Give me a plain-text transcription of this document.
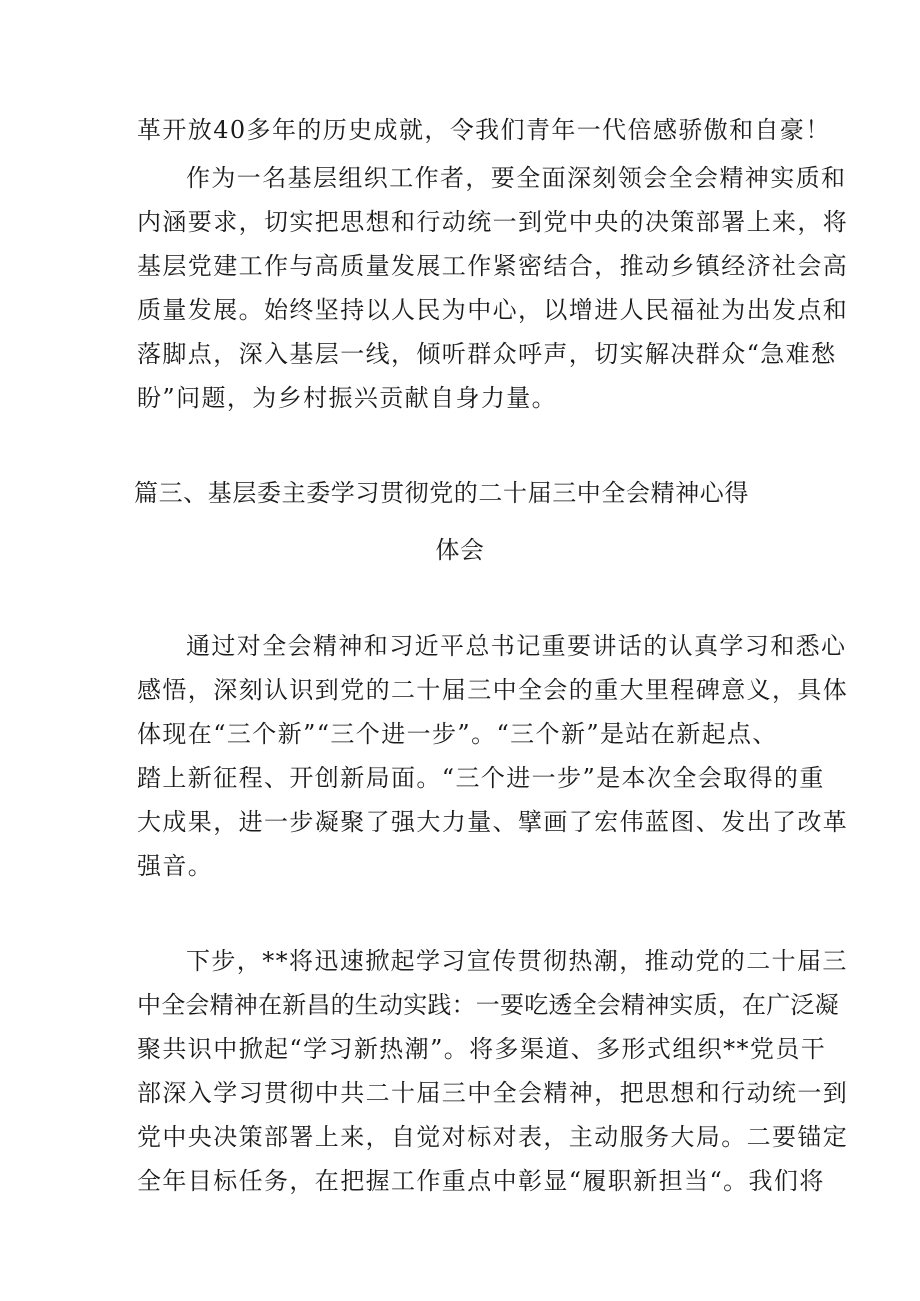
革开放40多年的历史成就，令我们青年一代倍感骄傲和自豪！
作为一名基层组织工作者，要全面深刻领会全会精神实质和
内涵要求，切实把思想和行动统一到党中央的决策部署上来，将
基层党建工作与高质量发展工作紧密结合，推动乡镇经济社会高
质量发展。始终坚持以人民为中心，以增进人民福祉为出发点和
落脚点，深入基层一线，倾听群众呼声，切实解决群众“急难愁
盼”问题，为乡村振兴贡献自身力量。
篇三、基层委主委学习贯彻党的二十届三中全会精神心得
体会
通过对全会精神和习近平总书记重要讲话的认真学习和悉心
感悟，深刻认识到党的二十届三中全会的重大里程碑意义，具体
体现在“三个新”“三个进一步”。“三个新”是站在新起点、
踏上新征程、开创新局面。“三个进一步”是本次全会取得的重
大成果，进一步凝聚了强大力量、擘画了宏伟蓝图、发出了改革
强音。
下步，**将迅速掀起学习宣传贯彻热潮，推动党的二十届三
中全会精神在新昌的生动实践：一要吃透全会精神实质，在广泛凝
聚共识中掀起“学习新热潮”。将多渠道、多形式组织**党员干
部深入学习贯彻中共二十届三中全会精神，把思想和行动统一到
党中央决策部署上来，自觉对标对表，主动服务大局。二要锚定
全年目标任务，在把握工作重点中彰显“履职新担当“。我们将
